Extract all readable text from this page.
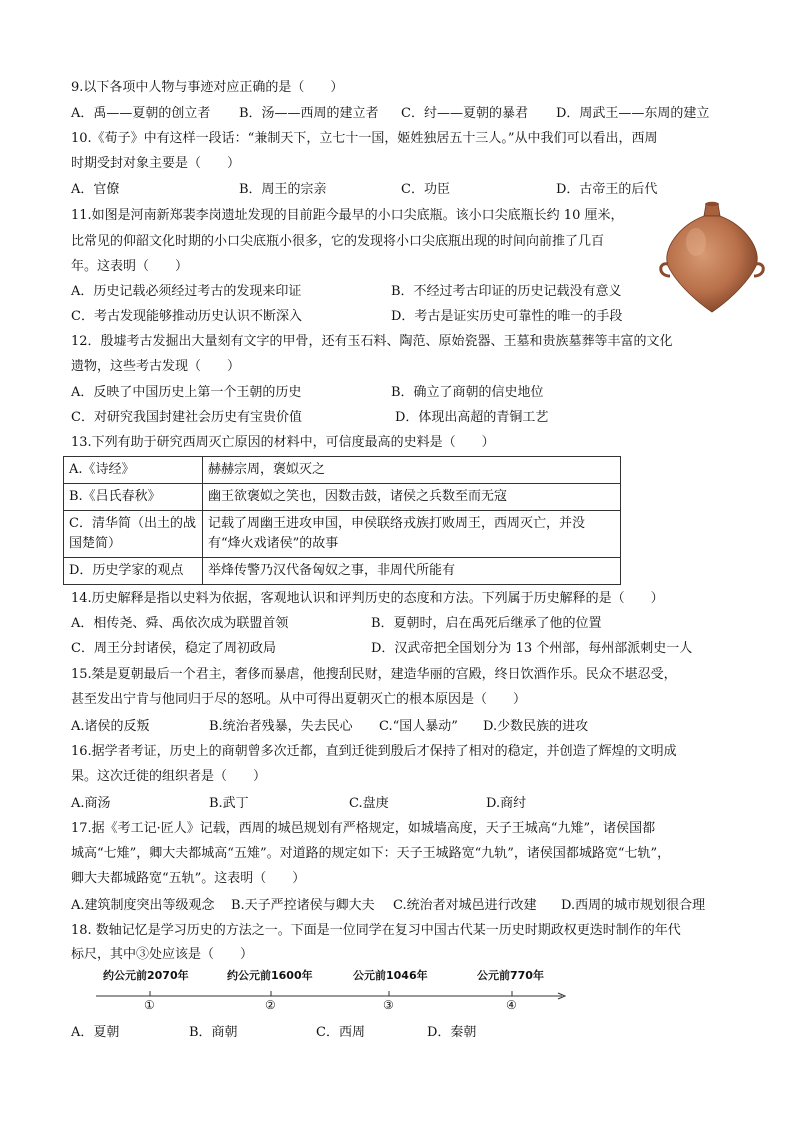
9.以下各项中人物与事迹对应正确的是（　　）
A．禹——夏朝的创立者 B．汤——西周的建立者 C．纣——夏朝的暴君 D．周武王——东周的建立
10.《荀子》中有这样一段话：“兼制天下，立七十一国，姬姓独居五十三人。”从中我们可以看出，西周
时期受封对象主要是（　　）
A．官僚	B．周王的宗亲	C．功臣	D．古帝王的后代
11.如图是河南新郑裴李岗遗址发现的目前距今最早的小口尖底瓶。该小口尖底瓶长约 10 厘米，
比常见的仰韶文化时期的小口尖底瓶小很多，它的发现将小口尖底瓶出现的时间向前推了几百
年。这表明（　　）
A．历史记载必须经过考古的发现来印证	B．不经过考古印证的历史记载没有意义
C．考古发现能够推动历史认识不断深入	D．考古是证实历史可靠性的唯一的手段
12．殷墟考古发掘出大量刻有文字的甲骨，还有玉石料、陶范、原始瓷器、王墓和贵族墓葬等丰富的文化
遗物，这些考古发现（　　）
A．反映了中国历史上第一个王朝的历史	B．确立了商朝的信史地位
C．对研究我国封建社会历史有宝贵价值	D．体现出高超的青铜工艺
13.下列有助于研究西周灭亡原因的材料中，可信度最高的史料是（　　）
A.《诗经》	赫赫宗周，褒姒灭之
B.《吕氏春秋》	幽王欲褒姒之笑也，因数击鼓，诸侯之兵数至而无寇
C．清华简（出土的战国楚简）	记载了周幽王进攻申国，申侯联络戎族打败周王，西周灭亡，并没有“烽火戏诸侯”的故事
D．历史学家的观点	举烽传警乃汉代备匈奴之事，非周代所能有
14.历史解释是指以史料为依据，客观地认识和评判历史的态度和方法。下列属于历史解释的是（　　）
A．相传尧、舜、禹依次成为联盟首领	B．夏朝时，启在禹死后继承了他的位置
C．周王分封诸侯，稳定了周初政局	D．汉武帝把全国划分为 13 个州部，每州部派刺史一人
15.桀是夏朝最后一个君主，奢侈而暴虐，他搜刮民财，建造华丽的宫殿，终日饮酒作乐。民众不堪忍受，
甚至发出宁肯与他同归于尽的怒吼。从中可得出夏朝灭亡的根本原因是（　　）
A.诸侯的反叛	B.统治者残暴，失去民心 C.“国人暴动” D.少数民族的进攻
16.据学者考证，历史上的商朝曾多次迁都，直到迁徙到殷后才保持了相对的稳定，并创造了辉煌的文明成
果。这次迁徙的组织者是（　　）
A.商汤	B.武丁	C.盘庚	D.商纣
17.据《考工记·匠人》记载，西周的城邑规划有严格规定，如城墙高度，天子王城高“九雉”，诸侯国都
城高“七雉”，卿大夫都城高“五雉”。对道路的规定如下：天子王城路宽“九轨”，诸侯国都城路宽“七轨”，
卿大夫都城路宽“五轨”。这表明（　　）
A.建筑制度突出等级观念 B.天子严控诸侯与卿大夫 C.统治者对城邑进行改建 D.西周的城市规划很合理
18. 数轴记忆是学习历史的方法之一。下面是一位同学在复习中国古代某一历史时期政权更迭时制作的年代
标尺，其中③处应该是（　　）
约公元前2070年	约公元前1600年	公元前1046年	公元前770年
①	②	③	④
A．夏朝	B．商朝	C．西周	D．秦朝
